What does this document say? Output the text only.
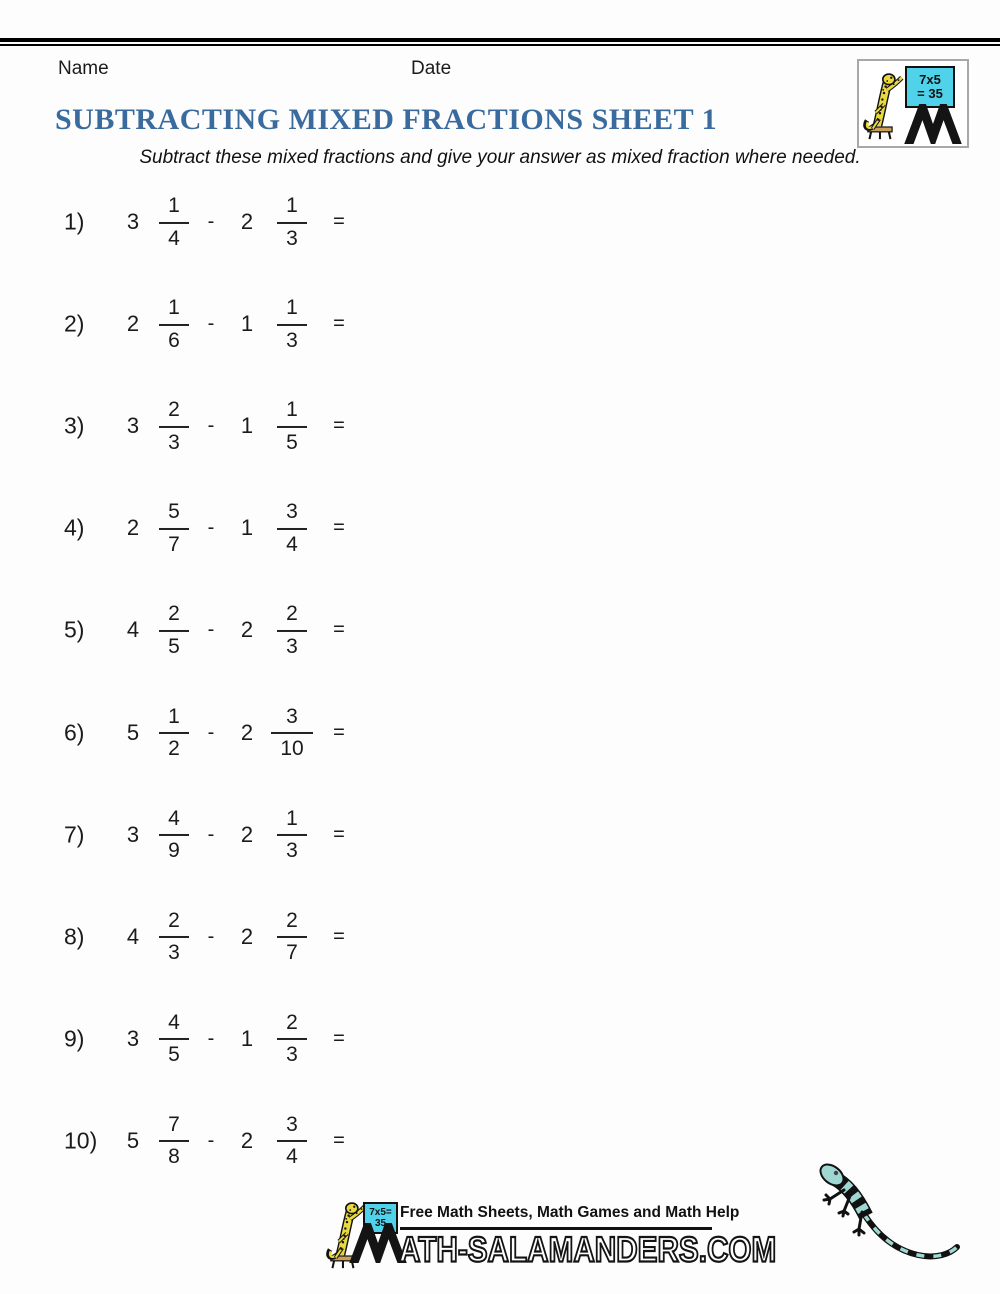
Name	Date
7x5
= 35
SUBTRACTING MIXED FRACTIONS SHEET 1
Subtract these mixed fractions and give your answer as mixed fraction where needed.
1)	$3 \frac{1}{4}$ -	2	$\frac{1}{3}$	=
2)	$2 \frac{1}{6}$ -	1	$\frac{1}{3}$	=
3)	$3 \frac{2}{3}$ -	1	$\frac{1}{5}$	=
4)	$2 \frac{5}{7}$ -	1	$\frac{3}{4}$	=
5)	$4 \frac{2}{5}$ -	2	$\frac{2}{3}$	=
6)	$5 \frac{1}{2}$ -	$2 \frac{3}{10}$	=
7)	$3 \frac{4}{9}$ -	2	$\frac{1}{3}$	=
8)	$4 \frac{2}{3}$ -	2	$\frac{2}{7}$	=
9)	$3 \frac{4}{5}$ -	1	$\frac{2}{3}$	=
10)	$5 \frac{7}{8}$ -	2	$\frac{3}{4}$	=
7x5=
35
Free Math Sheets, Math Games and Math Help
ATH-SALAMANDERS.COM
